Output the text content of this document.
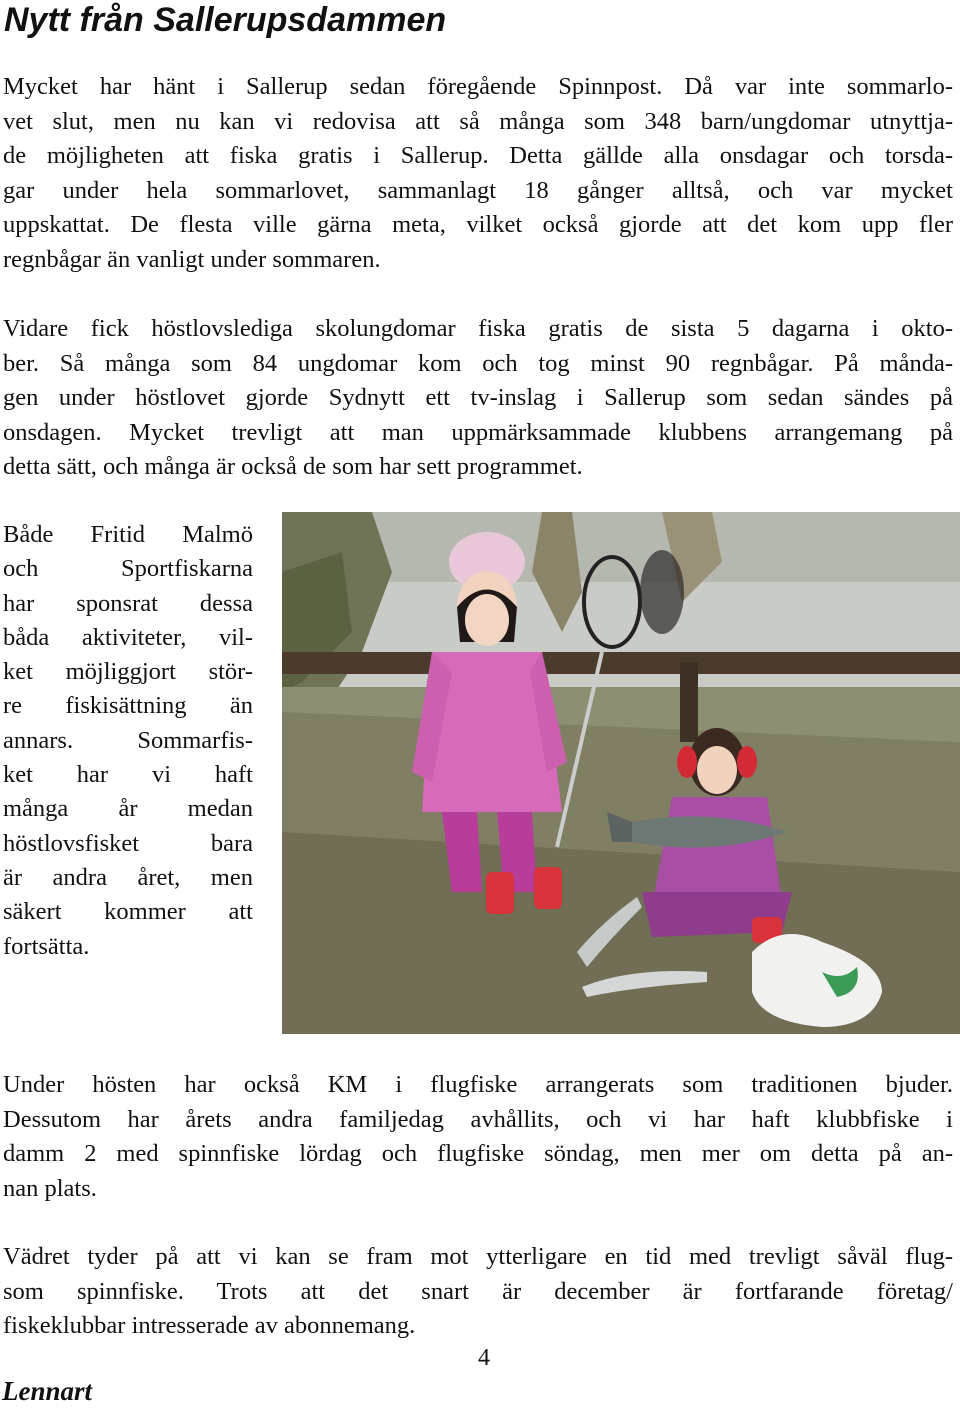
Nytt från Sallerupsdammen
Mycket har hänt i Sallerup sedan föregående Spinnpost. Då var inte sommarlo-
vet slut, men nu kan vi redovisa att så många som 348 barn/ungdomar utnyttja-
de möjligheten att fiska gratis i Sallerup. Detta gällde alla onsdagar och torsda-
gar under hela sommarlovet, sammanlagt 18 gånger alltså, och var mycket
uppskattat. De flesta ville gärna meta, vilket också gjorde att det kom upp fler
regnbågar än vanligt under sommaren.
Vidare fick höstlovslediga skolungdomar fiska gratis de sista 5 dagarna i okto-
ber. Så många som 84 ungdomar kom och tog minst 90 regnbågar. På månda-
gen under höstlovet gjorde Sydnytt ett tv-inslag i Sallerup som sedan sändes på
onsdagen. Mycket trevligt att man uppmärksammade klubbens arrangemang på
detta sätt, och många är också de som har sett programmet.
Både Fritid Malmö
och Sportfiskarna
har sponsrat dessa
båda aktiviteter, vil-
ket möjliggjort stör-
re fiskisättning än
annars. Sommarfis-
ket har vi haft
många år medan
höstlovsfisket bara
är andra året, men
säkert kommer att
fortsätta.
Under hösten har också KM i flugfiske arrangerats som traditionen bjuder.
Dessutom har årets andra familjedag avhållits, och vi har haft klubbfiske i
damm 2 med spinnfiske lördag och flugfiske söndag, men mer om detta på an-
nan plats.
Vädret tyder på att vi kan se fram mot ytterligare en tid med trevligt såväl flug-
som spinnfiske. Trots att det snart är december är fortfarande företag/
fiskeklubbar intresserade av abonnemang.
4
Lennart
